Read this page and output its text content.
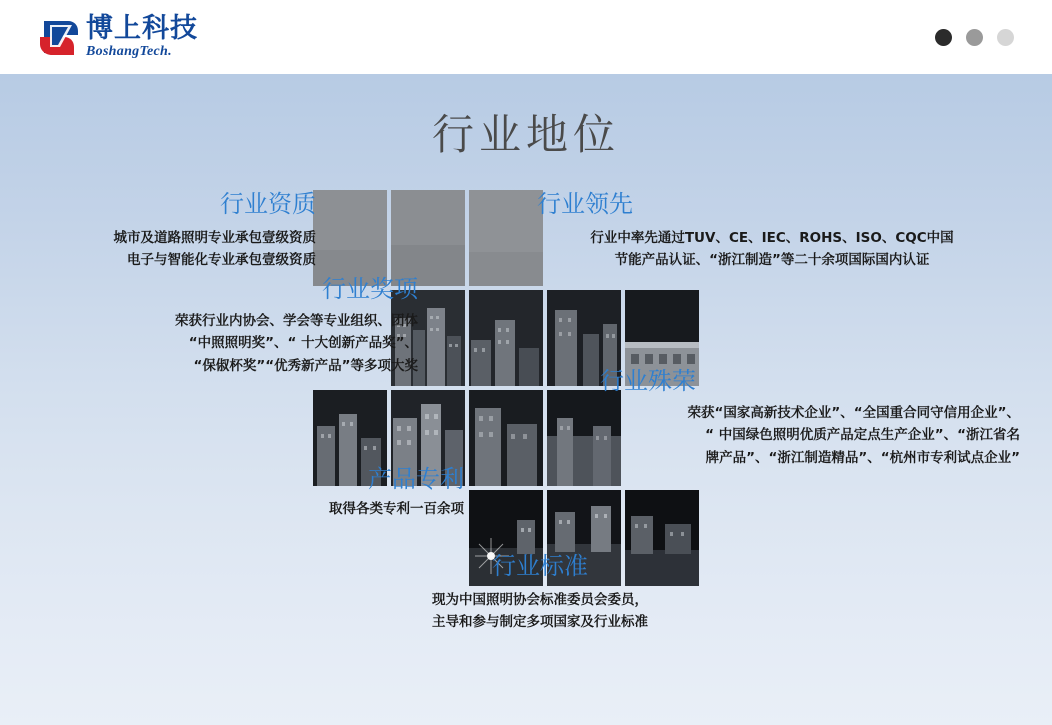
博上科技
BoshangTech.
行业地位
行业资质
城市及道路照明专业承包壹级资质
电子与智能化专业承包壹级资质
行业领先
行业中率先通过TUV、CE、IEC、ROHS、ISO、CQC中国
节能产品认证、“浙江制造”等二十余项国际国内认证
行业奖项
荣获行业内协会、学会等专业组织、团体
“中照照明奖”、“ 十大创新产品奖”、
“保俶杯奖”“优秀新产品”等多项大奖
行业殊荣
荣获“国家高新技术企业”、“全国重合同守信用企业”、
“ 中国绿色照明优质产品定点生产企业”、“浙江省名
牌产品”、“浙江制造精品”、“杭州市专利试点企业”
产品专利
取得各类专利一百余项
行业标准
现为中国照明协会标准委员会委员，
主导和参与制定多项国家及行业标准
